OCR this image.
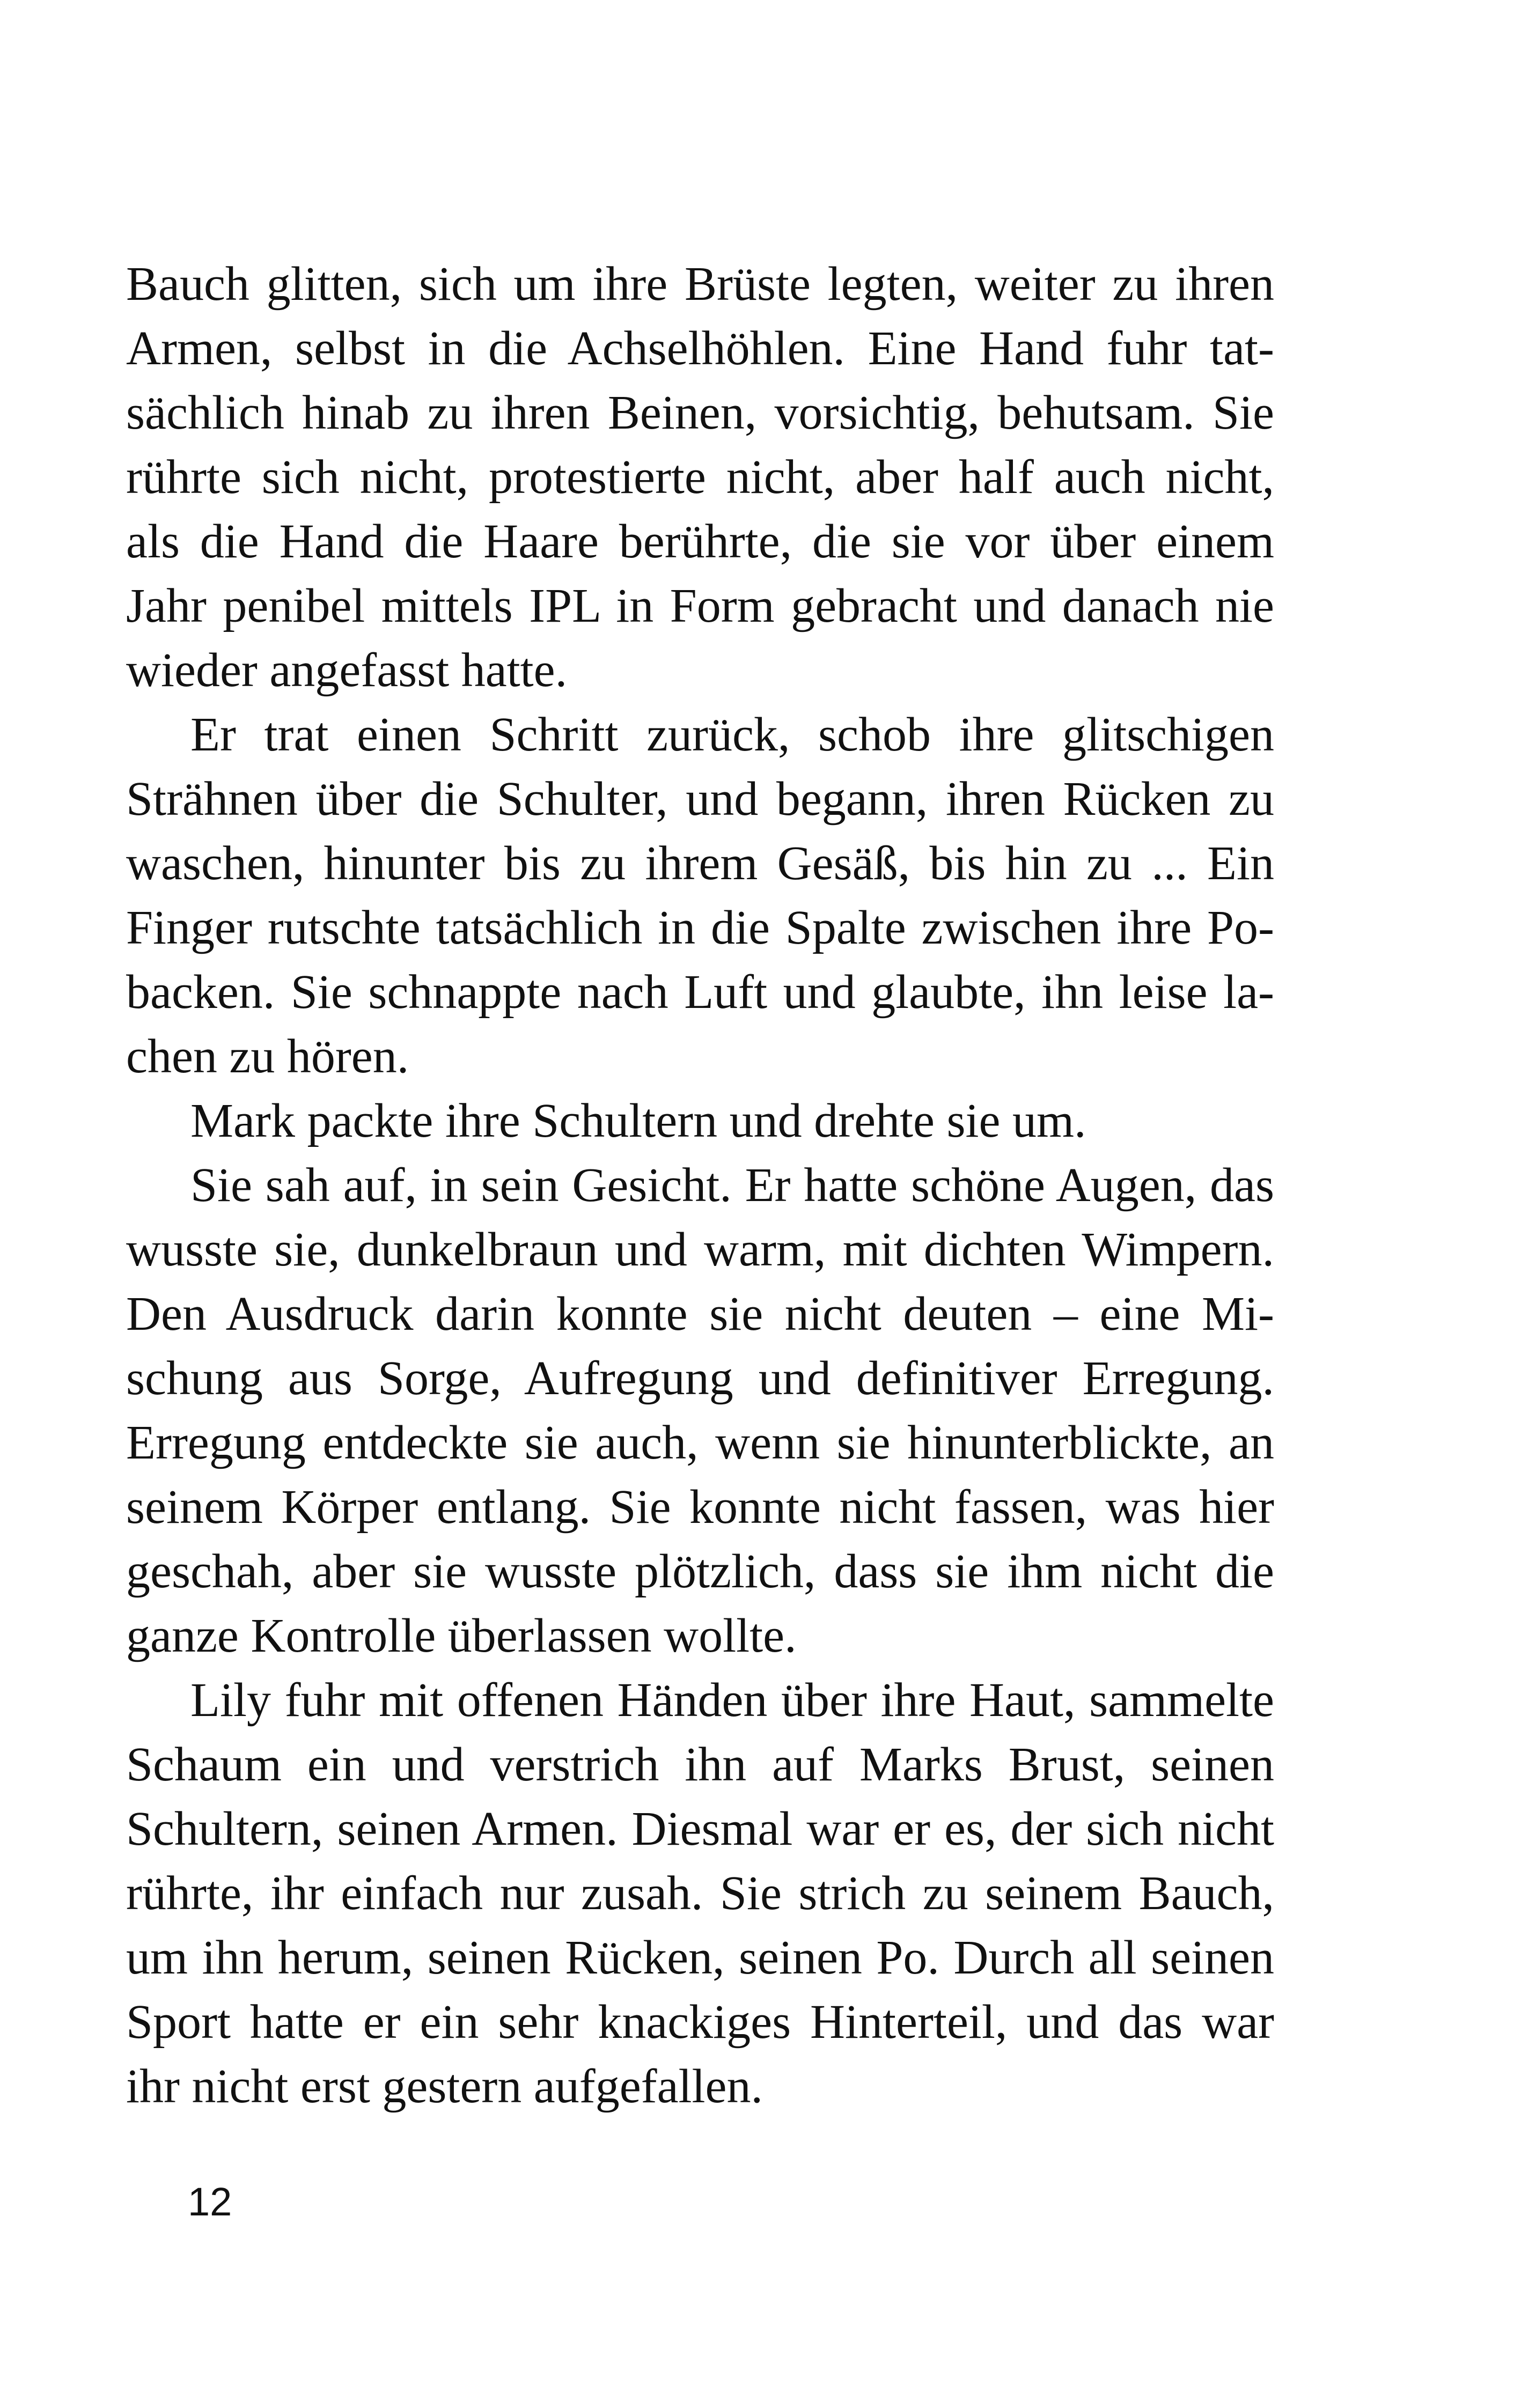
Bauch glitten, sich um ihre Brüste legten, weiter zu ihren
Armen, selbst in die Achselhöhlen. Eine Hand fuhr tat-
sächlich hinab zu ihren Beinen, vorsichtig, behutsam. Sie
rührte sich nicht, protestierte nicht, aber half auch nicht,
als die Hand die Haare berührte, die sie vor über einem
Jahr penibel mittels IPL in Form gebracht und danach nie
wieder angefasst hatte.
Er trat einen Schritt zurück, schob ihre glitschigen
Strähnen über die Schulter, und begann, ihren Rücken zu
waschen, hinunter bis zu ihrem Gesäß, bis hin zu ... Ein
Finger rutschte tatsächlich in die Spalte zwischen ihre Po-
backen. Sie schnappte nach Luft und glaubte, ihn leise la-
chen zu hören.
Mark packte ihre Schultern und drehte sie um.
Sie sah auf, in sein Gesicht. Er hatte schöne Augen, das
wusste sie, dunkelbraun und warm, mit dichten Wimpern.
Den Ausdruck darin konnte sie nicht deuten – eine Mi-
schung aus Sorge, Aufregung und definitiver Erregung.
Erregung entdeckte sie auch, wenn sie hinunterblickte, an
seinem Körper entlang. Sie konnte nicht fassen, was hier
geschah, aber sie wusste plötzlich, dass sie ihm nicht die
ganze Kontrolle überlassen wollte.
Lily fuhr mit offenen Händen über ihre Haut, sammelte
Schaum ein und verstrich ihn auf Marks Brust, seinen
Schultern, seinen Armen. Diesmal war er es, der sich nicht
rührte, ihr einfach nur zusah. Sie strich zu seinem Bauch,
um ihn herum, seinen Rücken, seinen Po. Durch all seinen
Sport hatte er ein sehr knackiges Hinterteil, und das war
ihr nicht erst gestern aufgefallen.
12
